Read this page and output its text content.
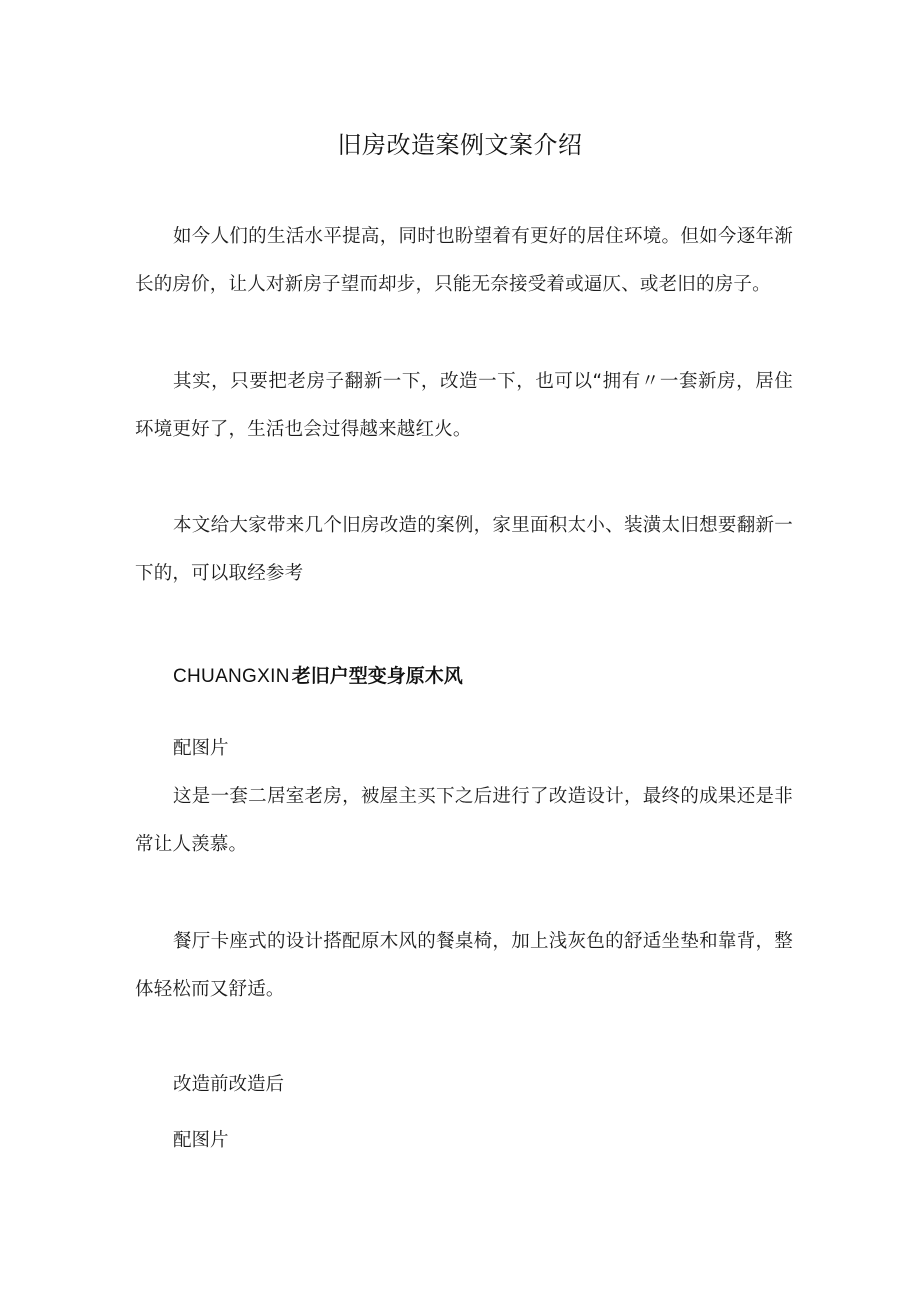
旧房改造案例文案介绍

如今人们的生活水平提高，同时也盼望着有更好的居住环境。但如今逐年渐长的房价，让人对新房子望而却步，只能无奈接受着或逼仄、或老旧的房子。

其实，只要把老房子翻新一下，改造一下，也可以“拥有〃一套新房，居住环境更好了，生活也会过得越来越红火。

本文给大家带来几个旧房改造的案例，家里面积太小、装潢太旧想要翻新一下的，可以取经参考

CHUANGXIN 老旧户型变身原木风
配图片

这是一套二居室老房，被屋主买下之后进行了改造设计，最终的成果还是非常让人羡慕。

餐厅卡座式的设计搭配原木风的餐桌椅，加上浅灰色的舒适坐垫和靠背，整体轻松而又舒适。

改造前改造后
配图片
